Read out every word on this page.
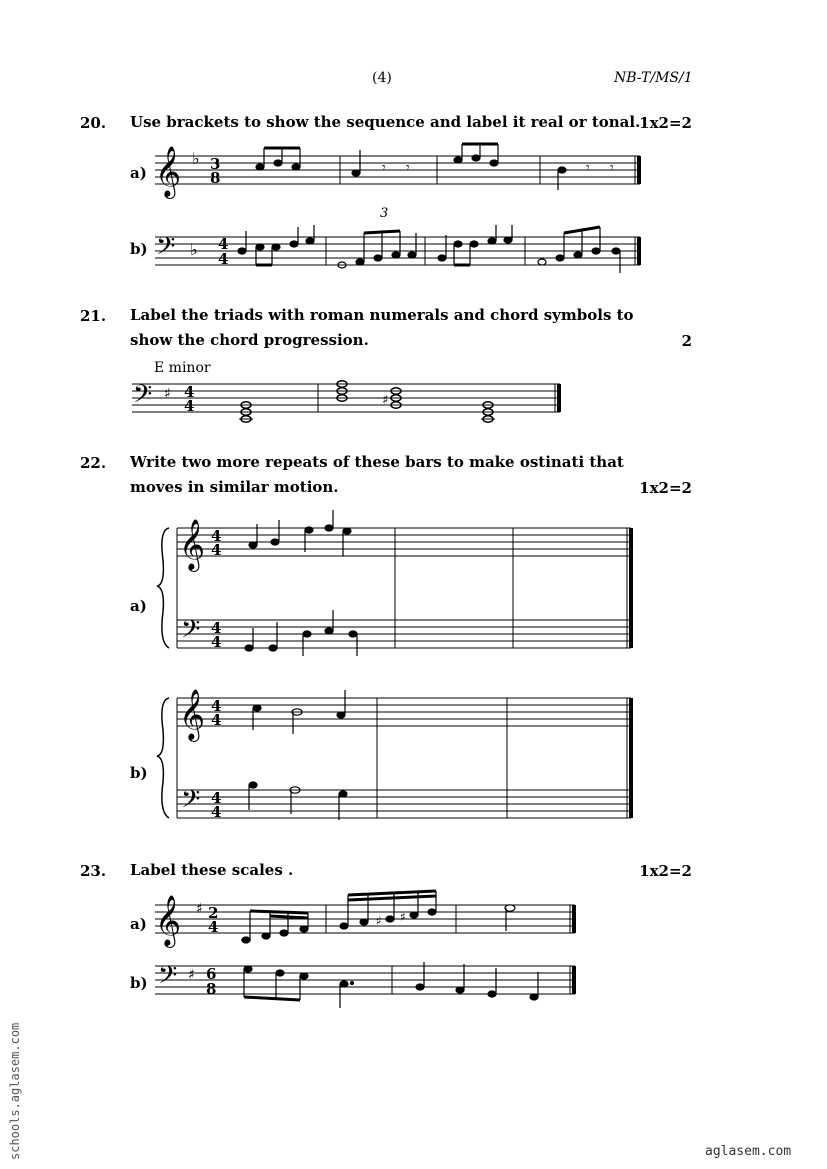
(4)	NB-T/MS/1
20. Use brackets to show the sequence and label it real or tonal.
1x2=2
a) 𝄞 ♭ 3
8
𝄾 𝄾	𝄾 𝄾
3
b) 𝄢 ♭ 4
4
21. Label the triads with roman numerals and chord symbols to show the chord progression.	2
E minor
𝄢 ♯ 4
4	♯
22. Write two more repeats of these bars to make ostinati that moves in similar motion.	1x2=2
a)
𝄞 4
4
𝄢 4
4
b)
𝄞 4
4
𝄢 4
4
23. Label these scales .	1x2=2
a) 𝄞 ♯ 2
4	♯ ♯
b) 𝄢 ♯ 6
8
schools.aglasem.com	aglasem.com
